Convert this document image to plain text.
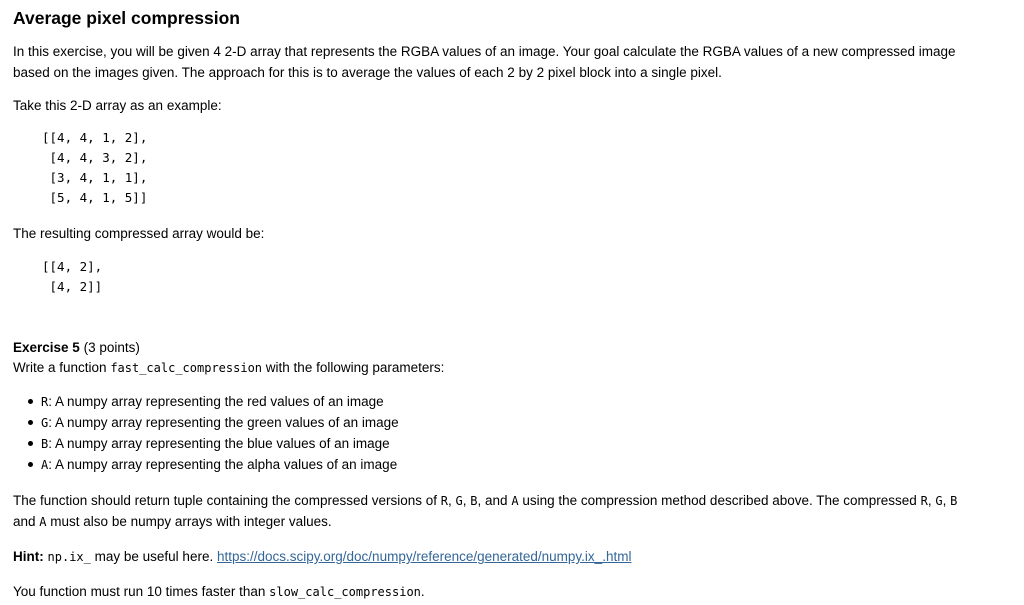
Average pixel compression

In this exercise, you will be given 4 2-D array that represents the RGBA values of an image. Your goal calculate the RGBA values of a new compressed image

based on the images given. The approach for this is to average the values of each 2 by 2 pixel block into a single pixel.

Take this 2-D array as an example:

[[4, 4, 1, 2],
[4, 4, 3, 2],
[3, 4, 1, 1],
[5, 4, 1, 5]]

The resulting compressed array would be:

[[4, 2],
[4, 2]]

Exercise 5 (3 points)

Write a function fast_calc_compression with the following parameters:

R: A numpy array representing the red values of an image
G: A numpy array representing the green values of an image
B: A numpy array representing the blue values of an image
A: A numpy array representing the alpha values of an image

The function should return tuple containing the compressed versions of R, G, B, and A using the compression method described above. The compressed R, G, B

and A must also be numpy arrays with integer values.

Hint: np.ix_ may be useful here. https://docs.scipy.org/doc/numpy/reference/generated/numpy.ix_.html

You function must run 10 times faster than slow_calc_compression.
